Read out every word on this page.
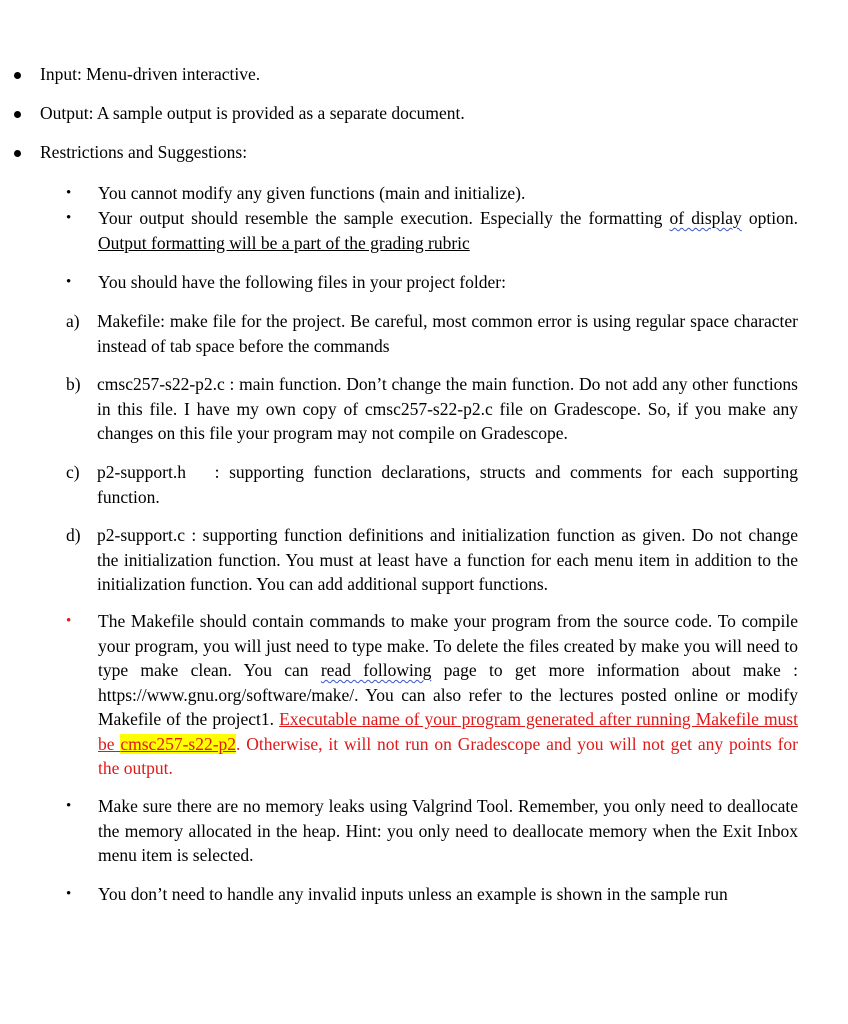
Input: Menu-driven interactive.
Output: A sample output is provided as a separate document.
Restrictions and Suggestions:
•	You cannot modify any given functions (main and initialize).
•	Your output should resemble the sample execution. Especially the formatting of display option. Output formatting will be a part of the grading rubric
•	You should have the following files in your project folder:
a) Makefile: make file for the project. Be careful, most common error is using regular space character instead of tab space before the commands
b) cmsc257-s22-p2.c : main function. Don’t change the main function. Do not add any other functions in this file. I have my own copy of cmsc257-s22-p2.c file on Gradescope. So, if you make any changes on this file your program may not compile on Gradescope.
c) p2-support.h   : supporting function declarations, structs and comments for each supporting function.
d) p2-support.c : supporting function definitions and initialization function as given. Do not change the initialization function. You must at least have a function for each menu item in addition to the initialization function. You can add additional support functions.
•	The Makefile should contain commands to make your program from the source code. To compile your program, you will just need to type make. To delete the files created by make you will need to type make clean. You can read following page to get more information about make : https://www.gnu.org/software/make/. You can also refer to the lectures posted online or modify Makefile of the project1. Executable name of your program generated after running Makefile must be cmsc257-s22-p2. Otherwise, it will not run on Gradescope and you will not get any points for the output.
•	Make sure there are no memory leaks using Valgrind Tool. Remember, you only need to deallocate the memory allocated in the heap. Hint: you only need to deallocate memory when the Exit Inbox menu item is selected.
•	You don’t need to handle any invalid inputs unless an example is shown in the sample run
